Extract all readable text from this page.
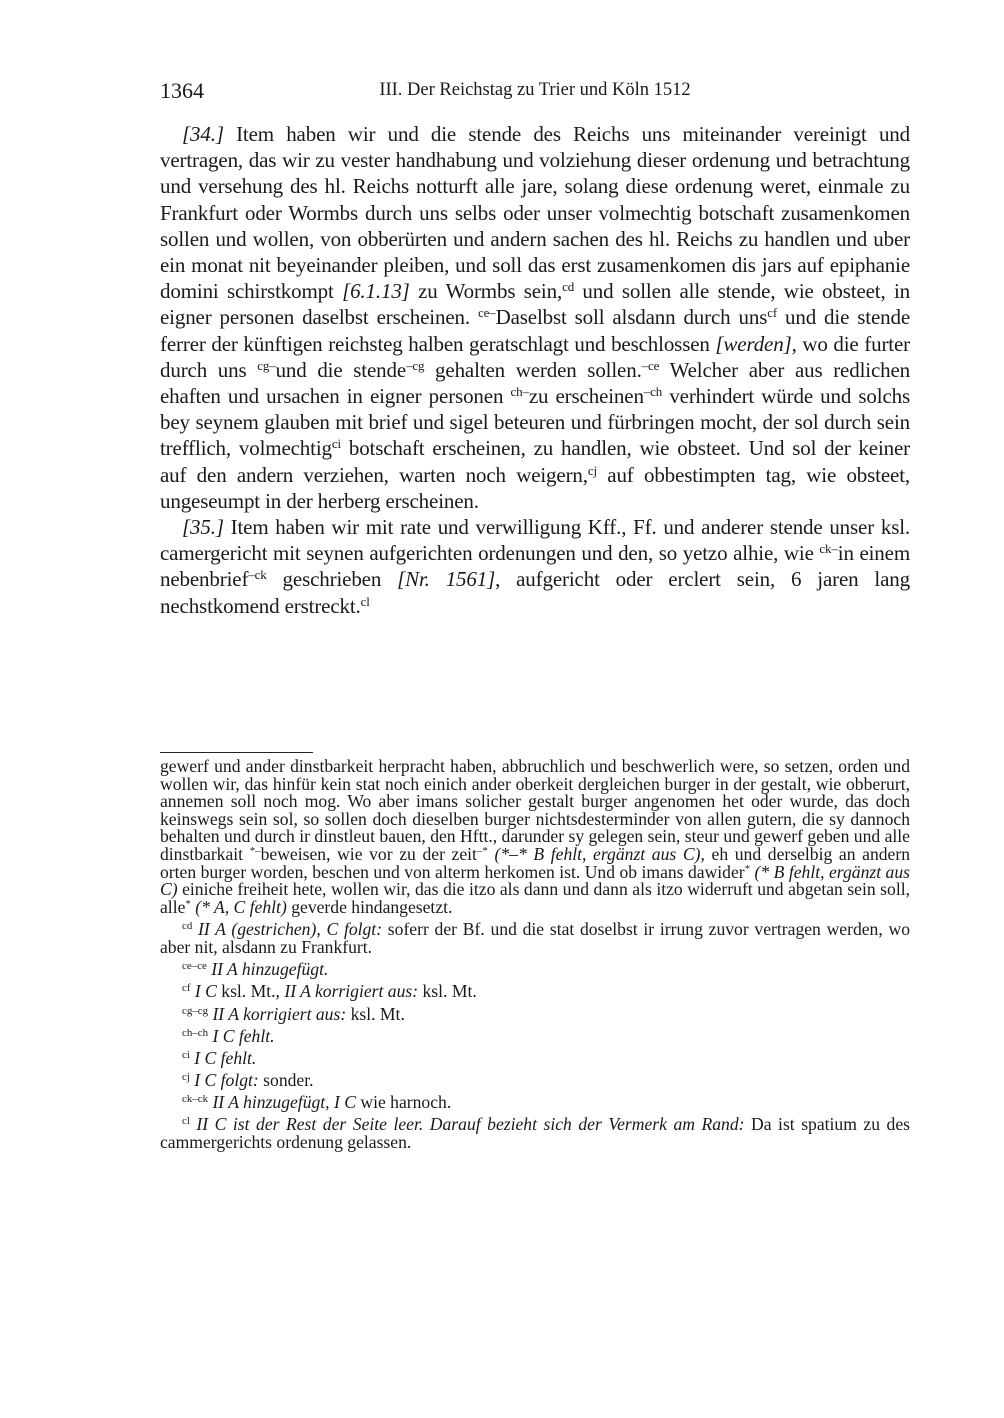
1364	III. Der Reichstag zu Trier und Köln 1512

[34.] Item haben wir und die stende des Reichs uns miteinander vereinigt und vertragen, das wir zu vester handhabung und volziehung dieser ordenung und betrachtung und versehung des hl. Reichs notturft alle jare, solang diese ordenung weret, einmale zu Frankfurt oder Wormbs durch uns selbs oder unser volmechtig botschaft zusamenkomen sollen und wollen, von obberürten und andern sachen des hl. Reichs zu handlen und uber ein monat nit beyeinander pleiben, und soll das erst zusamenkomen dis jars auf epiphanie domini schirstkompt [6.1.13] zu Wormbs sein,$^{cd}$ und sollen alle stende, wie obsteet, in eigner personen daselbst erscheinen. $^{ce-}$Daselbst soll alsdann durch uns$^{cf}$ und die stende ferrer der künftigen reichsteg halben geratschlagt und beschlossen [werden], wo die furter durch uns $^{cg-}$und die stende$^{-cg}$ gehalten werden sollen.$^{-ce}$ Welcher aber aus redlichen ehaften und ursachen in eigner personen $^{ch-}$zu erscheinen$^{-ch}$ verhindert würde und solchs bey seynem glauben mit brief und sigel beteuren und fürbringen mocht, der sol durch sein trefflich, volmechtig$^{ci}$ botschaft erscheinen, zu handlen, wie obsteet. Und sol der keiner auf den andern verziehen, warten noch weigern,$^{cj}$ auf obbestimpten tag, wie obsteet, ungeseumpt in der herberg erscheinen.

[35.] Item haben wir mit rate und verwilligung Kff., Ff. und anderer stende unser ksl. camergericht mit seynen aufgerichten ordenungen und den, so yetzo alhie, wie $^{ck-}$in einem nebenbrief$^{-ck}$ geschrieben [Nr. 1561], aufgericht oder erclert sein, 6 jaren lang nechstkomend erstreckt.$^{cl}$

gewerf und ander dinstbarkeit herpracht haben, abbruchlich und beschwerlich were, so setzen, orden und wollen wir, das hinfür kein stat noch einich ander oberkeit dergleichen burger in der gestalt, wie obberurt, annemen soll noch mog. Wo aber imans solicher gestalt burger angenomen het oder wurde, das doch keinswegs sein sol, so sollen doch dieselben burger nichtsdesterminder von allen gutern, die sy dannoch behalten und durch ir dinstleut bauen, den Hftt., darunder sy gelegen sein, steur und gewerf geben und alle dinstbarkait *–beweisen, wie vor zu der zeit–* (*–* B fehlt, ergänzt aus C), eh und derselbig an andern orten burger worden, beschen und von alterm herkomen ist. Und ob imans dawider* (* B fehlt, ergänzt aus C) einiche freiheit hete, wollen wir, das die itzo als dann und dann als itzo widerruft und abgetan sein soll, alle* (* A, C fehlt) geverde hindangesetzt.

$^{cd}$ II A (gestrichen), C folgt: soferr der Bf. und die stat doselbst ir irrung zuvor vertragen werden, wo aber nit, alsdann zu Frankfurt.

$^{ce-ce}$ II A hinzugefügt.

$^{cf}$ I C ksl. Mt., II A korrigiert aus: ksl. Mt.

$^{cg-cg}$ II A korrigiert aus: ksl. Mt.

$^{ch-ch}$ I C fehlt.

$^{ci}$ I C fehlt.

$^{cj}$ I C folgt: sonder.

$^{ck-ck}$ II A hinzugefügt, I C wie harnoch.

$^{cl}$ II C ist der Rest der Seite leer. Darauf bezieht sich der Vermerk am Rand: Da ist spatium zu des cammergerichts ordenung gelassen.
